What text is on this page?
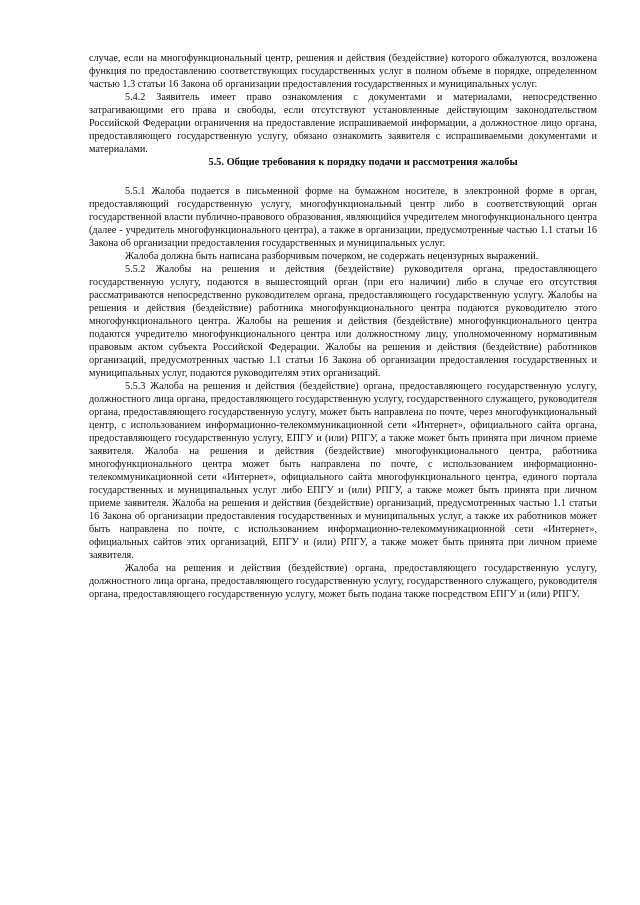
случае, если на многофункциональный центр, решения и действия (бездействие) которого обжалуются, возложена функция по предоставлению соответствующих государственных услуг в полном объеме в порядке, определенном частью 1.3 статьи 16 Закона об организации предоставления государственных и муниципальных услуг.

5.4.2 Заявитель имеет право ознакомления с документами и материалами, непосредственно затрагивающими его права и свободы, если отсутствуют установленные действующим законодательством Российской Федерации ограничения на предоставление испрашиваемой информации, а должностное лицо органа, предоставляющего государственную услугу, обязано ознакомить заявителя с испрашиваемыми документами и материалами.

5.5. Общие требования к порядку подачи и рассмотрения жалобы

5.5.1 Жалоба подается в письменной форме на бумажном носителе, в электронной форме в орган, предоставляющий государственную услугу, многофункциональный центр либо в соответствующий орган государственной власти публично-правового образования, являющийся учредителем многофункционального центра (далее - учредитель многофункционального центра), а также в организации, предусмотренные частью 1.1 статьи 16 Закона об организации предоставления государственных и муниципальных услуг.

Жалоба должна быть написана разборчивым почерком, не содержать нецензурных выражений.

5.5.2 Жалобы на решения и действия (бездействие) руководителя органа, предоставляющего государственную услугу, подаются в вышестоящий орган (при его наличии) либо в случае его отсутствия рассматриваются непосредственно руководителем органа, предоставляющего государственную услугу. Жалобы на решения и действия (бездействие) работника многофункционального центра подаются руководителю этого многофункционального центра. Жалобы на решения и действия (бездействие) многофункционального центра подаются учредителю многофункционального центра или должностному лицу, уполномоченному нормативным правовым актом субъекта Российской Федерации. Жалобы на решения и действия (бездействие) работников организаций, предусмотренных частью 1.1 статьи 16 Закона об организации предоставления государственных и муниципальных услуг, подаются руководителям этих организаций.

5.5.3 Жалоба на решения и действия (бездействие) органа, предоставляющего государственную услугу, должностного лица органа, предоставляющего государственную услугу, государственного служащего, руководителя органа, предоставляющего государственную услугу, может быть направлена по почте, через многофункциональный центр, с использованием информационно-телекоммуникационной сети «Интернет», официального сайта органа, предоставляющего государственную услугу, ЕПГУ и (или) РПГУ, а также может быть принята при личном приеме заявителя. Жалоба на решения и действия (бездействие) многофункционального центра, работника многофункционального центра может быть направлена по почте, с использованием информационно-телекоммуникационной сети «Интернет», официального сайта многофункционального центра, единого портала государственных и муниципальных услуг либо ЕПГУ и (или) РПГУ, а также может быть принята при личном приеме заявителя. Жалоба на решения и действия (бездействие) организаций, предусмотренных частью 1.1 статьи 16 Закона об организации предоставления государственных и муниципальных услуг, а также их работников может быть направлена по почте, с использованием информационно-телекоммуникационной сети «Интернет», официальных сайтов этих организаций, ЕПГУ и (или) РПГУ, а также может быть принята при личном приеме заявителя.

Жалоба на решения и действия (бездействие) органа, предоставляющего государственную услугу, должностного лица органа, предоставляющего государственную услугу, государственного служащего, руководителя органа, предоставляющего государственную услугу, может быть подана также посредством ЕПГУ и (или) РПГУ.
